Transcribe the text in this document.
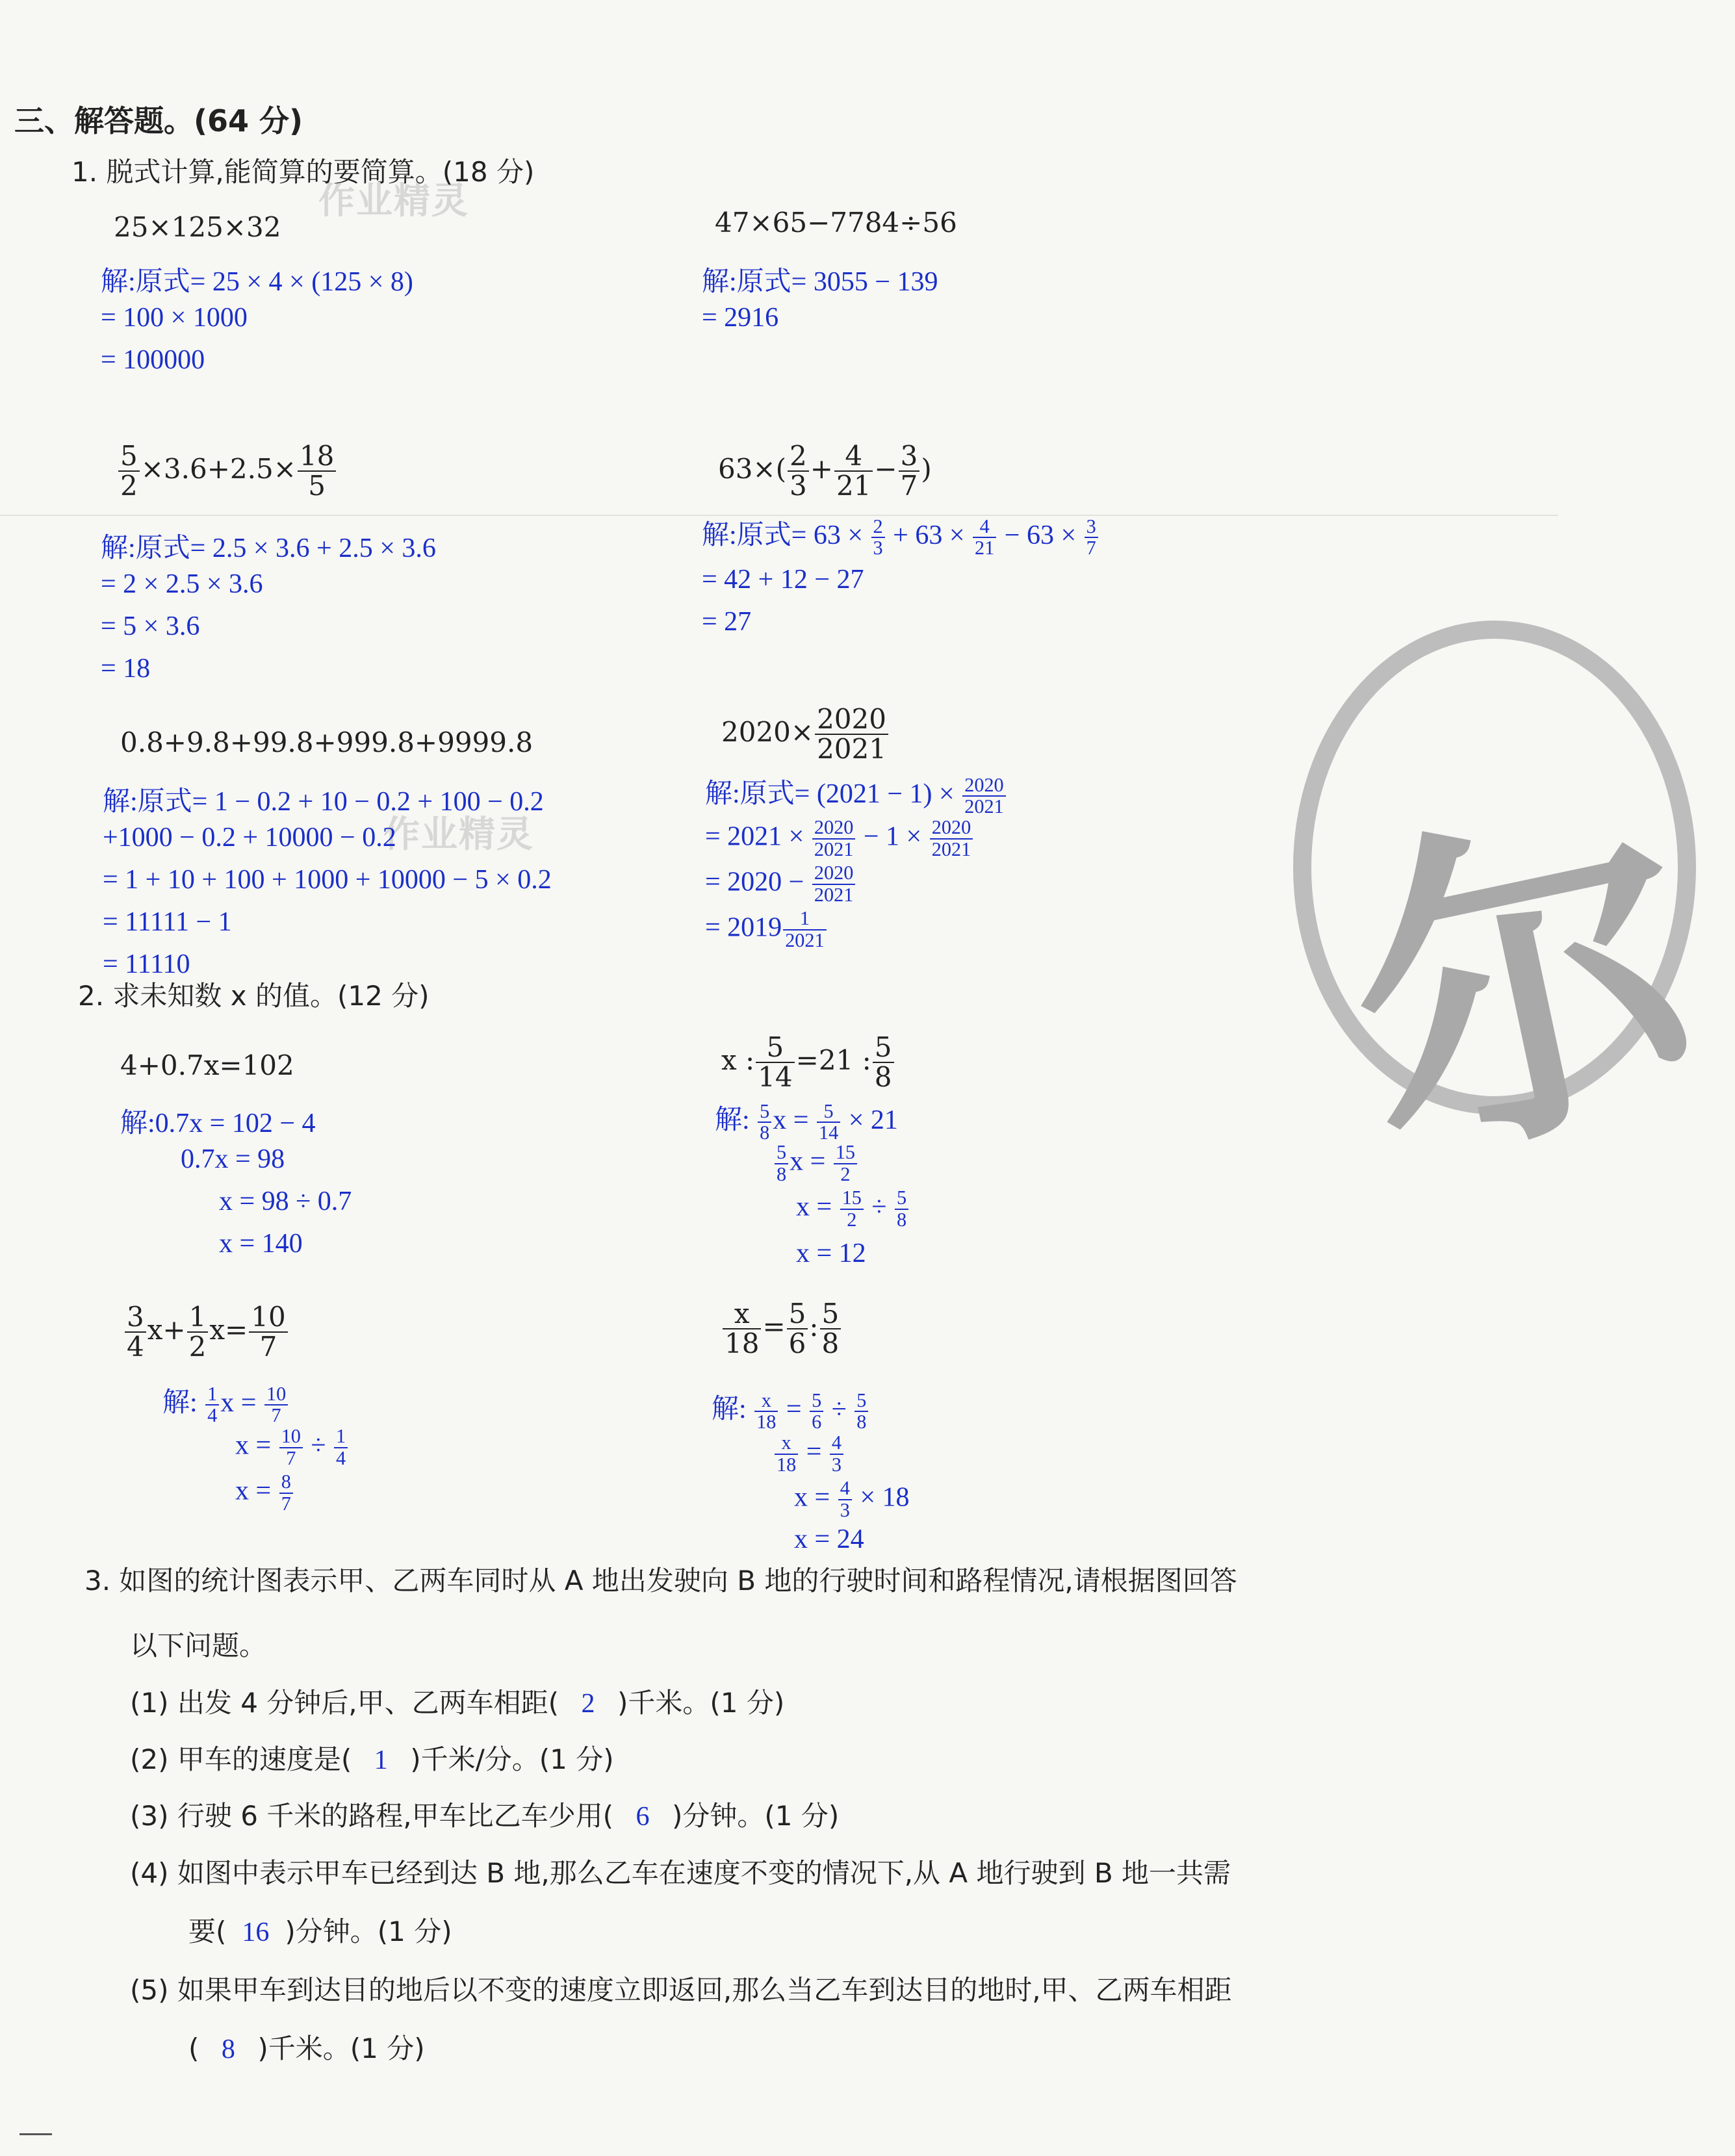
作业精灵
作业精灵 尔
三、解答题。(64 分)
1. 脱式计算,能简算的要简算。(18 分)
25×125×32
解:原式= 25 × 4 × (125 × 8)
= 100 × 1000
= 100000
47×65−7784÷56
解:原式= 3055 − 139
= 2916
$\frac{5}{2} \times 3.6+2.5\times \frac{18}{5}$
解:原式= 2.5 × 3.6 + 2.5 × 3.6
= 2 × 2.5 × 3.6
= 5 × 3.6
= 18
$63\times( \frac{2}{3} + \frac{4}{21} - \frac{3}{7}$ )
解:原式= $63 \times \frac{2}{3} + 63 \times \frac{4}{21} - 63 \times \frac{3}{7}$
= 42 + 12 − 27
= 27
0.8+9.8+99.8+999.8+9999.8
解:原式= 1 − 0.2 + 10 − 0.2 + 100 − 0.2
+1000 − 0.2 + 10000 − 0.2
= 1 + 10 + 100 + 1000 + 10000 − 5 × 0.2
= 11111 − 1
= 11110
$2020\times \frac{2020}{2021}$
解:原式= $(2021 - 1) \times \frac{2020}{2021}$
= $2021 \times \frac{2020}{2021} - 1 \times \frac{2020}{2021}$
= $2020 - \frac{2020}{2021}$
= $2019 \frac{1}{2021}$
2. 求未知数 x 的值。(12 分)
4+0.7x=102
解:0.7x = 102 − 4
0.7x = 98
x = 98 ÷ 0.7
x = 140
x : $\frac{5}{14} =21$ : $\frac{5}{8}$
解: $\frac{5}{8}$ $x = \frac{5}{14} \times 21$
$\frac{5}{8}$ $x = \frac{15}{2}$
$x = \frac{15}{2} \div \frac{5}{8}$
x = 12
$\frac{3}{4} x+ \frac{1}{2} x= \frac{10}{7}$
解: $\frac{1}{4}$ $x = \frac{10}{7}$
$x = \frac{10}{7} \div \frac{1}{4}$
$x = \frac{8}{7}$
$\frac{x}{18} = \frac{5}{6}$ : $\frac{5}{8}$
解: $\frac{x}{18} = \frac{5}{6} \div \frac{5}{8}$
$\frac{x}{18} = \frac{4}{3}$
$x = \frac{4}{3} \times 18$
x = 24
3. 如图的统计图表示甲、乙两车同时从 A 地出发驶向 B 地的行驶时间和路程情况,请根据图回答
以下问题。
(1) 出发 4 分钟后,甲、乙两车相距( 2 )千米。(1 分)
(2) 甲车的速度是( 1 )千米/分。(1 分)
(3) 行驶 6 千米的路程,甲车比乙车少用( 6 )分钟。(1 分)
(4) 如图中表示甲车已经到达 B 地,那么乙车在速度不变的情况下,从 A 地行驶到 B 地一共需
要( 16 )分钟。(1 分)
(5) 如果甲车到达目的地后以不变的速度立即返回,那么当乙车到达目的地时,甲、乙两车相距
( 8 )千米。(1 分)
